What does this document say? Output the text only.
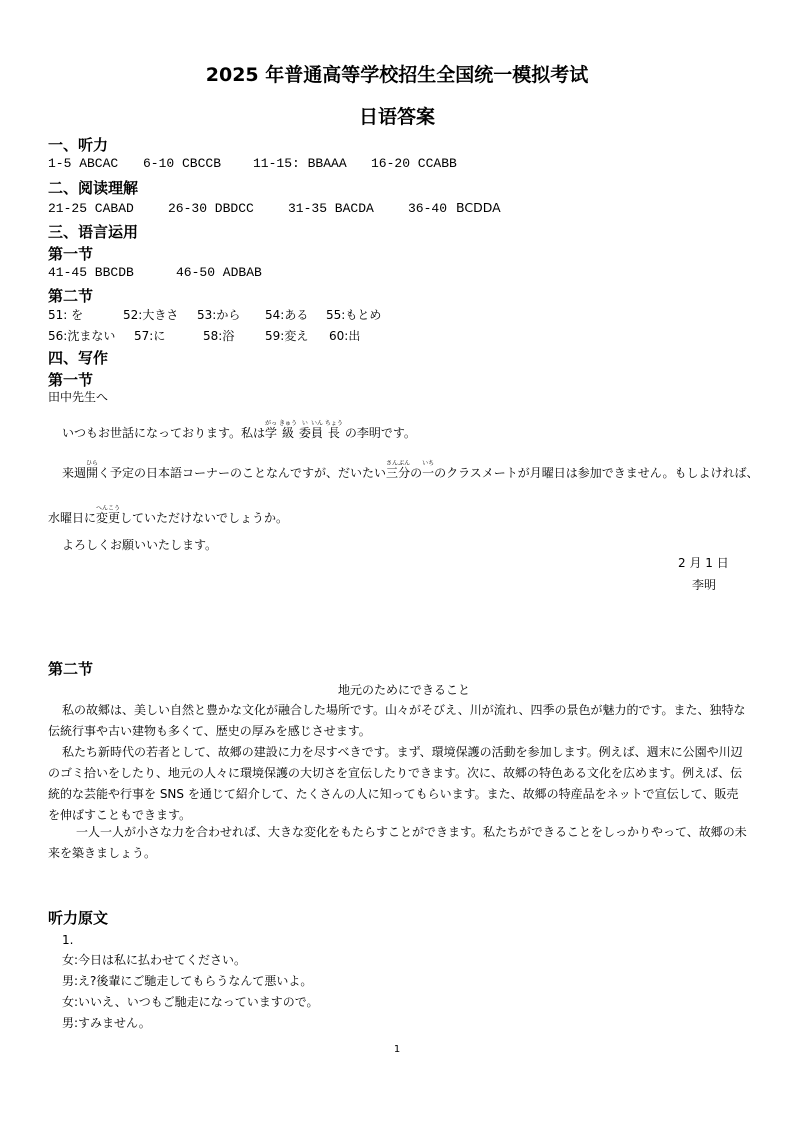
2025 年普通高等学校招生全国统一模拟考试
日语答案
一、听力
1-5 ABCAC 6-10 CBCCB 11-15: BBAAA 16-20 CCABB
二、阅读理解
21-25 CABAD	26-30 DBDCC	31-35 BACDA	36-40 BCDDA
三、语言运用
第一节
41-45 BBCDB	46-50 ADBAB
第二节
51: を	52:大きさ 53:から 54:ある 55:もとめ
56:沈まない 57:に	58:浴	59:変え 60:出
四、写作
第一节
田中先生へ
いつもお世話になっております。私は学がっ 級きゅう 委い員いん 長ちょう の李明です。
来週開ひらく予定の日本語コーナーのことなんですが、だいたい三さん分ぶんの一いちのクラスメートが月曜日は参加できません。もしよければ、
水曜日に変更へんこうしていただけないでしょうか。
よろしくお願いいたします。
2 月 1 日
李明
第二节
地元のためにできること
私の故郷は、美しい自然と豊かな文化が融合した場所です。山々がそびえ、川が流れ、四季の景色が魅力的です。また、独特な伝統行事や古い建物も多くて、歴史の厚みを感じさせます。
私たち新時代の若者として、故郷の建設に力を尽すべきです。まず、環境保護の活動を参加します。例えば、週末に公園や川辺のゴミ拾いをしたり、地元の人々に環境保護の大切さを宣伝したりできます。次に、故郷の特色ある文化を広めます。例えば、伝統的な芸能や行事を SNS を通じて紹介して、たくさんの人に知ってもらいます。また、故郷の特産品をネットで宣伝して、販売を伸ばすこともできます。
一人一人が小さな力を合わせれば、大きな変化をもたらすことができます。私たちができることをしっかりやって、故郷の未来を築きましょう。
听力原文
1.
女:今日は私に払わせてください。
男:え?後輩にご馳走してもらうなんて悪いよ。
女:いいえ、いつもご馳走になっていますので。
男:すみません。
1
